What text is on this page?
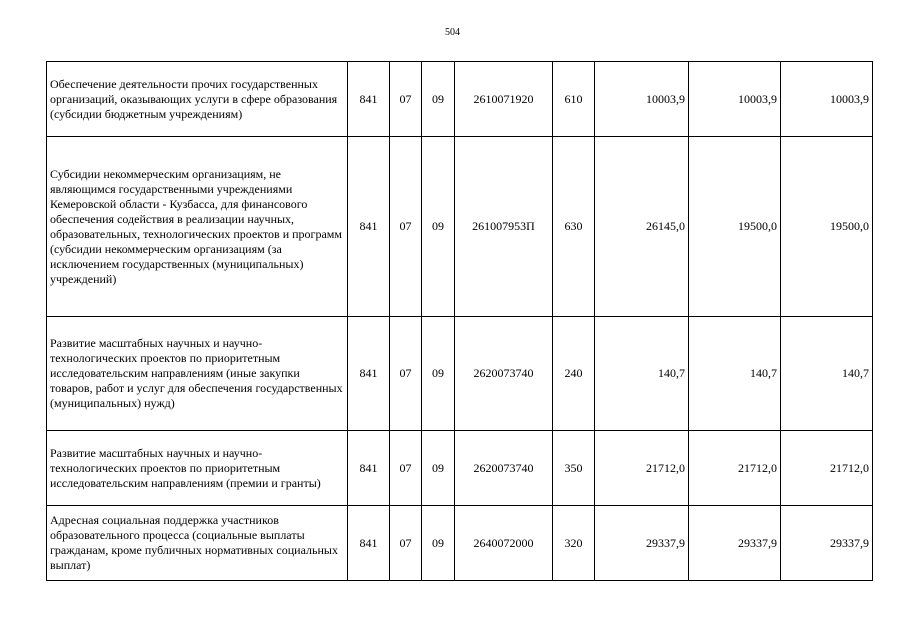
504
Обеспечение деятельности прочих государственных организаций, оказывающих услуги в сфере образования (субсидии бюджетным учреждениям)	841	07	09	2610071920	610	10003,9	10003,9	10003,9
Субсидии некоммерческим организациям, не являющимся государственными учреждениями Кемеровской области - Кузбасса, для финансового обеспечения содействия в реализации научных, образовательных, технологических проектов и программ (субсидии некоммерческим организациям (за исключением государственных (муниципальных) учреждений)	841	07	09	261007953П	630	26145,0	19500,0	19500,0
Развитие масштабных научных и научно-технологических проектов по приоритетным исследовательским направлениям (иные закупки товаров, работ и услуг для обеспечения государственных (муниципальных) нужд)	841	07	09	2620073740	240	140,7	140,7	140,7
Развитие масштабных научных и научно-технологических проектов по приоритетным исследовательским направлениям (премии и гранты)	841	07	09	2620073740	350	21712,0	21712,0	21712,0
Адресная социальная поддержка участников образовательного процесса (социальные выплаты гражданам, кроме публичных нормативных социальных выплат)	841	07	09	2640072000	320	29337,9	29337,9	29337,9
